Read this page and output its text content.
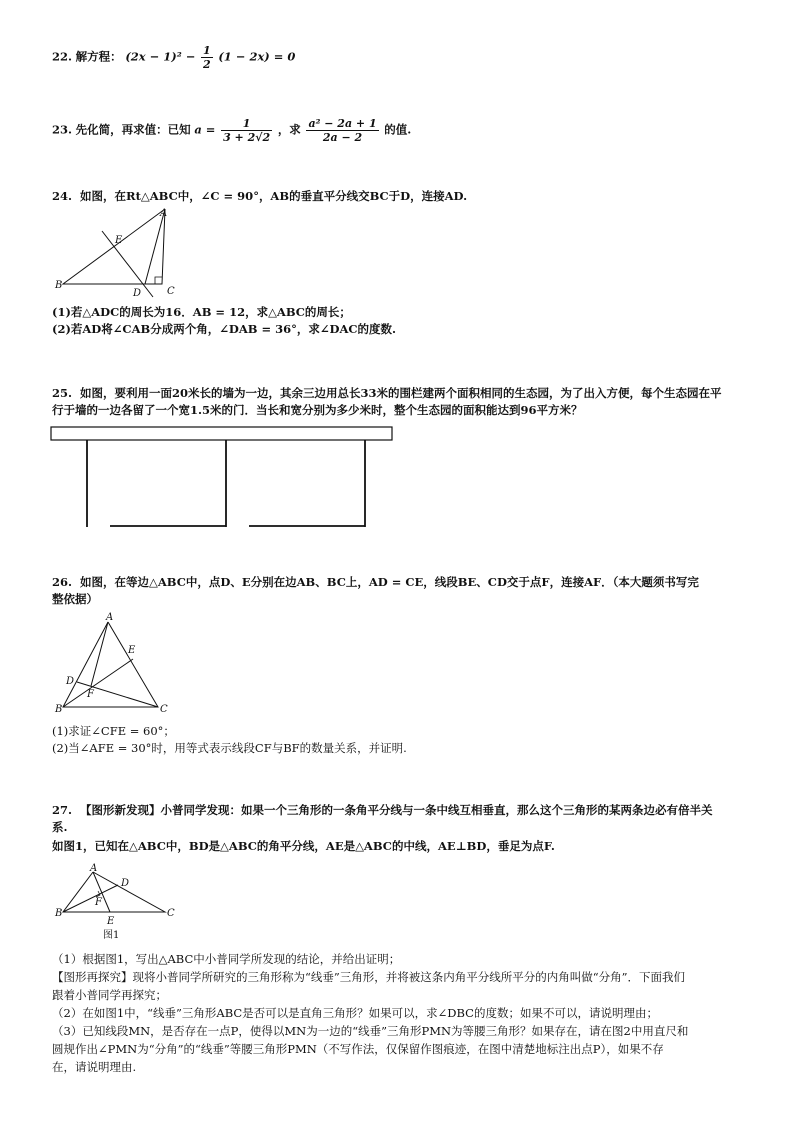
22. 解方程： $(2x - 1)^2 - \frac{1}{2} (1 - 2x) = 0$
23. 先化简，再求值：已知 $a = \frac{1}{3 + 2√2}$ ，求 $\frac{\text{a² − 2a + 1}}{2a - 2}$ 的值.
24. 如图，在Rt△ABC中，∠C = 90°，AB的垂直平分线交BC于D，连接AD.
A
B
C
D
E
(1)若△ADC的周长为16．AB = 12，求△ABC的周长；
(2)若AD将∠CAB分成两个角，∠DAB = 36°，求∠DAC的度数.
25. 如图，要利用一面20米长的墙为一边，其余三边用总长33米的围栏建两个面积相同的生态园，为了出入方便，每个生态园在平
行于墙的一边各留了一个宽1.5米的门．当长和宽分别为多少米时，整个生态园的面积能达到96平方米？
26. 如图，在等边△ABC中，点D、E分别在边AB、BC上，AD = CE，线段BE、CD交于点F，连接AF．（本大题须书写完
整依据）
A
B	C
D
E
F
(1)求证∠CFE = 60°；
(2)当∠AFE = 30°时，用等式表示线段CF与BF的数量关系，并证明.
27. 【图形新发现】小普同学发现：如果一个三角形的一条角平分线与一条中线互相垂直，那么这个三角形的某两条边必有倍半关
系.
如图1，已知在△ABC中，BD是△ABC的角平分线，AE是△ABC的中线，AE⊥BD，垂足为点F.
A
B	C
D
E
F
图1
（1）根据图1，写出△ABC中小普同学所发现的结论，并给出证明；
【图形再探究】现将小普同学所研究的三角形称为“线垂”三角形，并将被这条内角平分线所平分的内角叫做“分角”．下面我们
跟着小普同学再探究；
（2）在如图1中，“线垂”三角形ABC是否可以是直角三角形？如果可以，求∠DBC的度数；如果不可以，请说明理由；
（3）已知线段MN，是否存在一点P，使得以MN为一边的“线垂”三角形PMN为等腰三角形？如果存在，请在图2中用直尺和
圆规作出∠PMN为“分角”的“线垂”等腰三角形PMN（不写作法，仅保留作图痕迹，在图中清楚地标注出点P），如果不存
在，请说明理由.
